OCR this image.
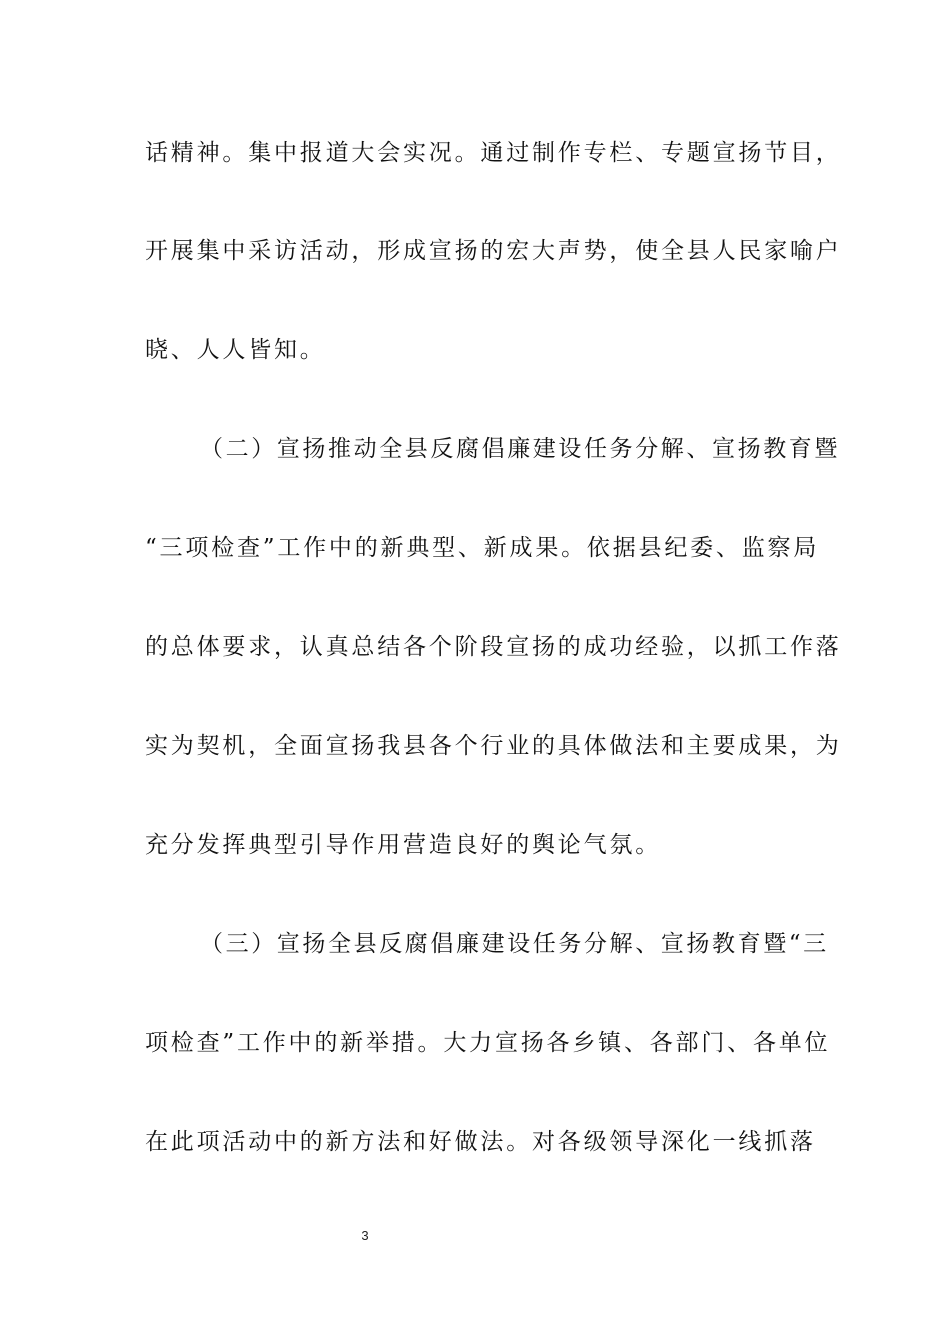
话精神。集中报道大会实况。通过制作专栏、专题宣扬节目，
开展集中采访活动，形成宣扬的宏大声势，使全县人民家喻户
晓、人人皆知。
（二）宣扬推动全县反腐倡廉建设任务分解、宣扬教育暨
“三项检查”工作中的新典型、新成果。依据县纪委、监察局
的总体要求，认真总结各个阶段宣扬的成功经验，以抓工作落
实为契机，全面宣扬我县各个行业的具体做法和主要成果，为
充分发挥典型引导作用营造良好的舆论气氛。
（三）宣扬全县反腐倡廉建设任务分解、宣扬教育暨“三
项检查”工作中的新举措。大力宣扬各乡镇、各部门、各单位
在此项活动中的新方法和好做法。对各级领导深化一线抓落
3
